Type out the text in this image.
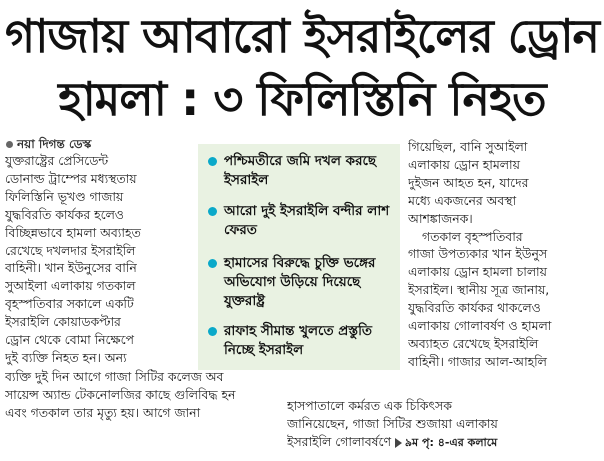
গাজায় আবারো ইসরাইলের ড্রোন
হামলা : ৩ ফিলিস্তিনি নিহত
নয়া দিগন্ত ডেস্ক
যুক্তরাষ্ট্রের প্রেসিডেন্ট
ডোনাল্ড ট্রাম্পের মধ্যস্থতায়
ফিলিস্তিনি ভূখণ্ড গাজায়
যুদ্ধবিরতি কার্যকর হলেও
বিচ্ছিন্নভাবে হামলা অব্যাহত
রেখেছে দখলদার ইসরাইলি
বাহিনী। খান ইউনুসের বানি
সুআইলা এলাকায় গতকাল
বৃহস্পতিবার সকালে একটি
ইসরাইলি কোয়াডকপ্টার
ড্রোন থেকে বোমা নিক্ষেপে
দুই ব্যক্তি নিহত হন। অন্য
পশ্চিমতীরে জমি দখল করছে ইসরাইল
আরো দুই ইসরাইলি বন্দীর লাশ ফেরত
হামাসের বিরুদ্ধে চুক্তি ভঙ্গের অভিযোগ উড়িয়ে দিয়েছে যুক্তরাষ্ট্র
রাফাহ সীমান্ত খুলতে প্রস্তুতি নিচ্ছে ইসরাইল
গিয়েছিল, বানি সুআইলা
এলাকায় ড্রোন হামলায়
দুইজন আহত হন, যাদের
মধ্যে একজনের অবস্থা
আশঙ্কাজনক।
গতকাল বৃহস্পতিবার
গাজা উপত্যকার খান ইউনুস
এলাকায় ড্রোন হামলা চালায়
ইসরাইল। স্থানীয় সূত্র জানায়,
যুদ্ধবিরতি কার্যকর থাকলেও
এলাকায় গোলাবর্ষণ ও হামলা
অব্যাহত রেখেছে ইসরাইলি
বাহিনী। গাজার আল-আহলি
ব্যক্তি দুই দিন আগে গাজা সিটির কলেজ অব
সায়েন্স অ্যান্ড টেকনোলজির কাছে গুলিবিদ্ধ হন
এবং গতকাল তার মৃত্যু হয়। আগে জানা	হাসপাতালে কর্মরত এক চিকিৎসক
জানিয়েছেন, গাজা সিটির শুজায়া এলাকায়
ইসরাইলি গোলাবর্ষণে ৯ম পৃ: ৪-এর কলামে
